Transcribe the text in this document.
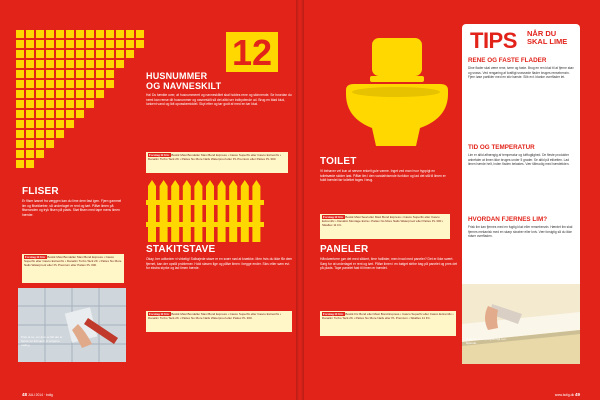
12
HUSNUMMER
OG NAVNESKILT
Ha! Du tænkte over, at husnummeret og navneskiltet skal holdes rene og skinnende. Se hvordan du nemt kan rense dit husnummer og navneskilt så det altid ser indbydende ud. Brug en blød klud, lunkent vand og lidt opvaskemiddel. Skyl efter og tør godt af med en tør klud.
Forslag til lim: Bostik Maxi Bondeller Maxi Bond Express • Casco Superfix eller Casco Extremfix • Danalim Turbo Tack 2K • Pattex No More Nails Waterproof eller PL Premium eller Pattex PL 300.
FLISER
Er fliser løsnet fra væggen kan du lime dem fast igen. Fjern gammel lim og fliseklæber, så underlaget er rent og tørt. Påfør limen på fliseranden og tryk flisen på plads. Støt flisen med tape mens limen hærder.
Forslag til lim: Bostik Maxi Bondeller Maxi Bond Express • Casco Superfix eller Casco Extremfix • Danalim Turbo Tack 2K • Pattex No More Nails Waterproof eller PL Premium eller Pattex PL 300.
Prøv at se, om dem er lidt der er behov for lidt vand, fx at fjerne maling.
STAKITSTAVE
Okay, her udfordrer vi virkelig! Solbøjede stave er en svær nød at knække. Men hvis du ikke får dem fjernet, kan der opstå problemer. Hold staven lige og påfør limen i begge ender. Skru eller søm evt. for ekstra styrke og lad limen hærde.
Forslag til lim: Bostik Maxi Bondeller Maxi Bond Express • Casco Superfix eller Casco Extremfix • Danalim Turbo Tack 2K • Pattex No More Nails Waterproof eller Pattex PL 300.
48 JULI 2014 · bolig
TOILET
Vi behøver vel kun at nævne enkelt gule varme. Inget ved man hvor hyppigt en toiletsæde sidder løst. Påfør lim i den vandafvisende funktion og lad det stå til limen er fuldt hærdet før toilettet tages i brug.
Forslag til lim: Bostik Maxi Seal eller Maxi Bond Express • Casco Superfix eller Casco Extremfix • Danalim Montage Extra • Pattex No More Nails Waterproof eller Pattex PL 300 • Sikaflex 11 FC.
PANELER
Håndværkere gør det med sikkert, lime fodlister, men hvad med paneler? Det er ikke svært. Sørg for at underlaget er rent og tørt. Påfør limen i en bølget stribe bag på panelet og pres det på plads. Tape panelet fast til limen er hærdet.
Forslag til lim: Bostik Fix Bond eller Maxi Bond Express • Casco Superfix eller Casco Extremfix • Danalim Turbo Tack 2K • Pattex No More Nails eller PL Premium • Sikaflex 11 FC.
TIPS NÅR DU
SKAL LIME
RENE OG FASTE FLADER
Dine flader skal være rene, tørre og faste. Brug en ren klud til at fjerne støv og snavs. Ved rengøring af kraftigt snavsede flader bruges rensebenzin. Fjern løse partikler med en stiv børste. Slib evt. blanke overflader let.
TID OG TEMPERATUR
Lim er altid afhængig af temperatur og luftfugtighed. De fleste produkter anbefaler at limen ikke bruges under 5 grader. Se altid på etiketten. Lad limen hærde helt, inden fladen belastes. Vær tålmodig med hærdetiden.
HVORDAN FJERNES LIM?
Frisk lim kan fjernes med en fugtig klud eller rensebenzin. Hærdet lim skal fjernes mekanisk med en skarp skraber eller kniv. Vær forsigtig så du ikke ridser overfladen.
Husk lim er et lysegrøn fejl i en fejlende.
www.bolig.dk 49
